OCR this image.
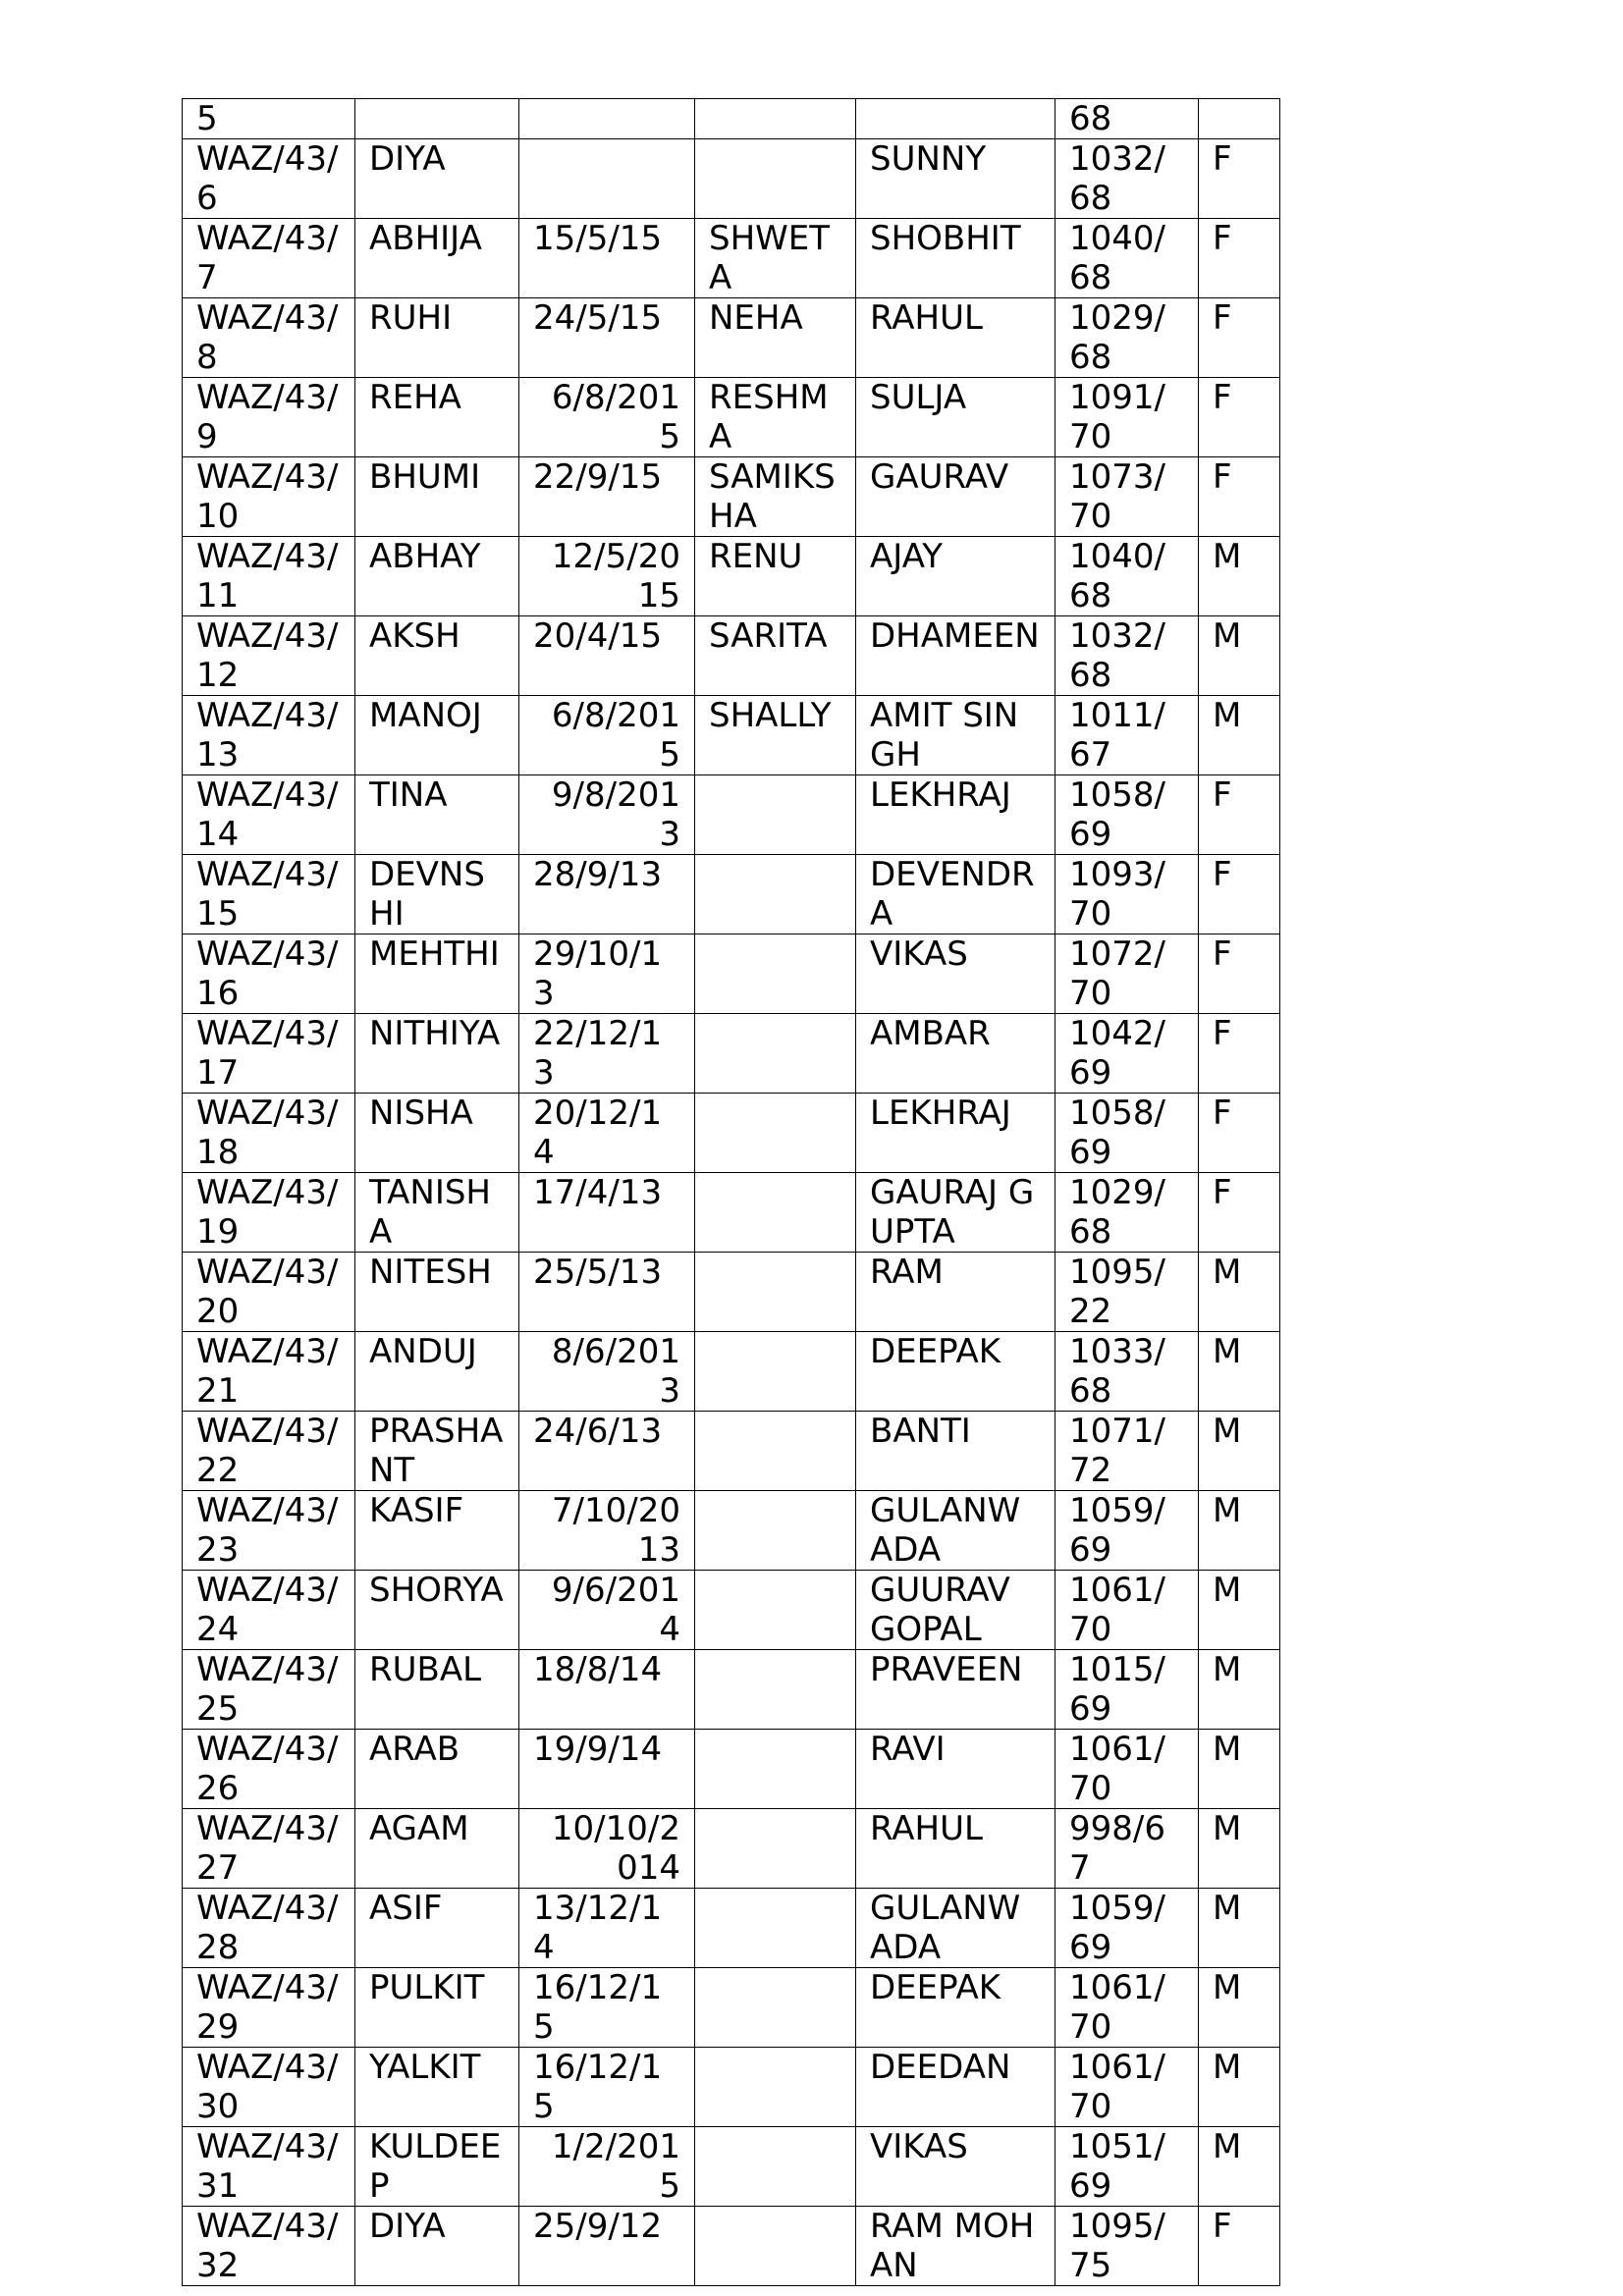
5					68	
WAZ/43/6	DIYA			SUNNY	1032/68	F
WAZ/43/7	ABHIJA	15/5/15	SHWETA	SHOBHIT	1040/68	F
WAZ/43/8	RUHI	24/5/15	NEHA	RAHUL	1029/68	F
WAZ/43/9	REHA	6/8/2015	RESHMA	SULJA	1091/70	F
WAZ/43/10	BHUMI	22/9/15	SAMIKSHA	GAURAV	1073/70	F
WAZ/43/11	ABHAY	12/5/2015	RENU	AJAY	1040/68	M
WAZ/43/12	AKSH	20/4/15	SARITA	DHAMEEN	1032/68	M
WAZ/43/13	MANOJ	6/8/2015	SHALLY	AMIT SINGH	1011/67	M
WAZ/43/14	TINA	9/8/2013		LEKHRAJ	1058/69	F
WAZ/43/15	DEVNSHI	28/9/13		DEVENDRA	1093/70	F
WAZ/43/16	MEHTHI	29/10/13		VIKAS	1072/70	F
WAZ/43/17	NITHIYA	22/12/13		AMBAR	1042/69	F
WAZ/43/18	NISHA	20/12/14		LEKHRAJ	1058/69	F
WAZ/43/19	TANISHA	17/4/13		GAURAJ GUPTA	1029/68	F
WAZ/43/20	NITESH	25/5/13		RAM	1095/22	M
WAZ/43/21	ANDUJ	8/6/2013		DEEPAK	1033/68	M
WAZ/43/22	PRASHANT	24/6/13		BANTI	1071/72	M
WAZ/43/23	KASIF	7/10/2013		GULANWADA	1059/69	M
WAZ/43/24	SHORYA	9/6/2014		GUURAV GOPAL	1061/70	M
WAZ/43/25	RUBAL	18/8/14		PRAVEEN	1015/69	M
WAZ/43/26	ARAB	19/9/14		RAVI	1061/70	M
WAZ/43/27	AGAM	10/10/2014		RAHUL	998/67	M
WAZ/43/28	ASIF	13/12/14		GULANWADA	1059/69	M
WAZ/43/29	PULKIT	16/12/15		DEEPAK	1061/70	M
WAZ/43/30	YALKIT	16/12/15		DEEDAN	1061/70	M
WAZ/43/31	KULDEEP	1/2/2015		VIKAS	1051/69	M
WAZ/43/32	DIYA	25/9/12		RAM MOHAN	1095/75	F
